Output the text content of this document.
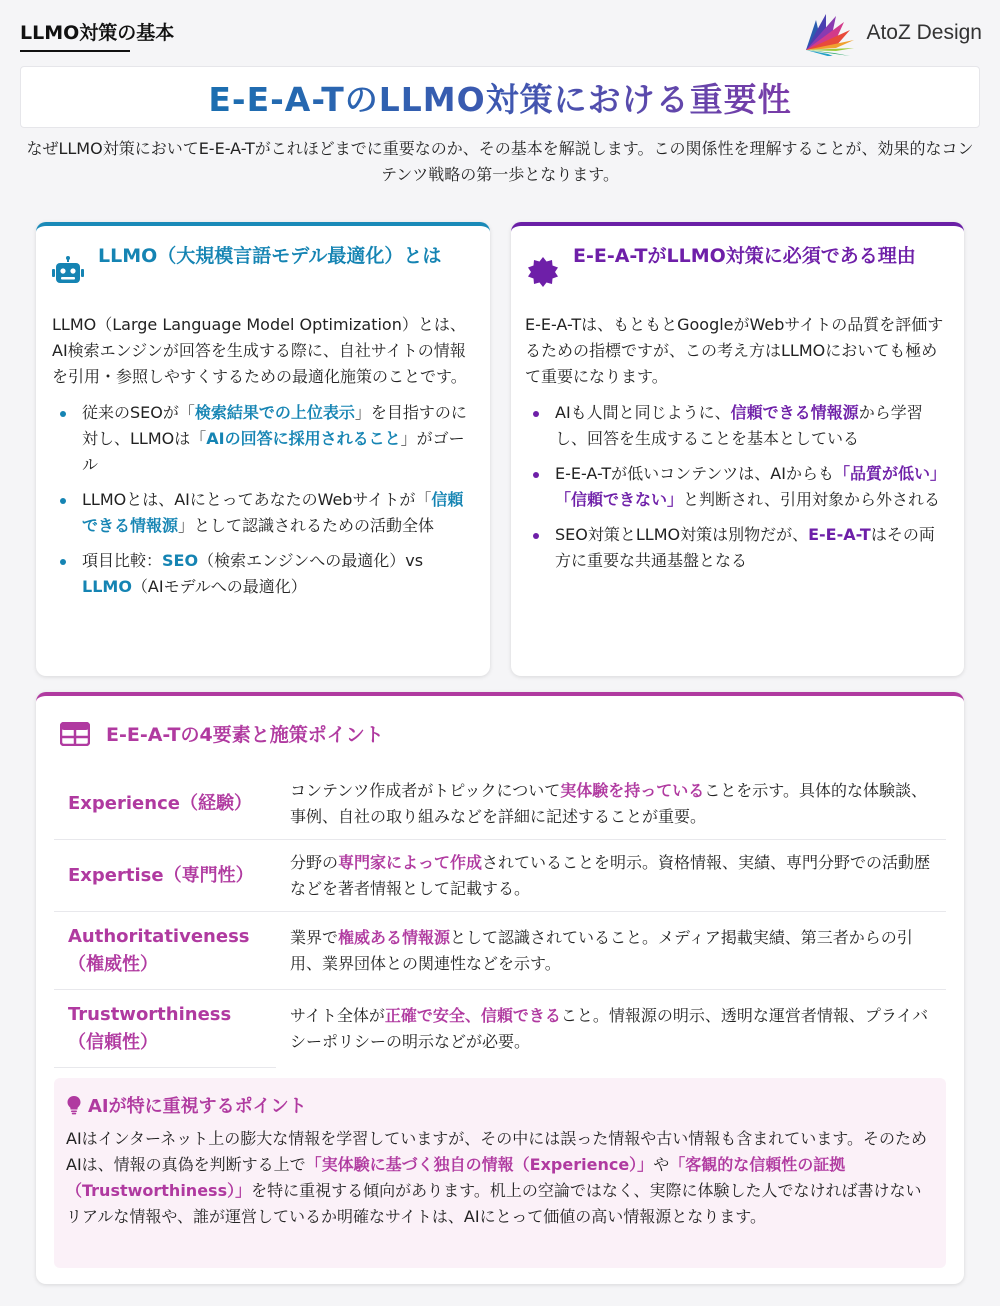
LLMO対策の基本	AtoZ Design
E-E-A-TのLLMO対策における重要性

なぜLLMO対策においてE-E-A-Tがこれほどまでに重要なのか、その基本を解説します。この関係性を理解することが、効果的なコンテンツ戦略の第一歩となります。

LLMO（大規模言語モデル最適化）とは

LLMO（Large Language Model Optimization）とは、AI検索エンジンが回答を生成する際に、自社サイトの情報を引用・参照しやすくするための最適化施策のことです。

従来のSEOが「検索結果での上位表示」を目指すのに対し、LLMOは「AIの回答に採用されること」がゴール
LLMOとは、AIにとってあなたのWebサイトが「信頼できる情報源」として認識されるための活動全体
項目比較：SEO（検索エンジンへの最適化）vs LLMO（AIモデルへの最適化）
E-E-A-TがLLMO対策に必須である理由

E-E-A-Tは、もともとGoogleがWebサイトの品質を評価するための指標ですが、この考え方はLLMOにおいても極めて重要になります。

AIも人間と同じように、信頼できる情報源から学習し、回答を生成することを基本としている
E-E-A-Tが低いコンテンツは、AIからも「品質が低い」「信頼できない」と判断され、引用対象から外される
SEO対策とLLMO対策は別物だが、E-E-A-Tはその両方に重要な共通基盤となる
E-E-A-Tの4要素と施策ポイント
Experience（経験）
コンテンツ作成者がトピックについて実体験を持っていることを示す。具体的な体験談、事例、自社の取り組みなどを詳細に記述することが重要。
Expertise（専門性）
分野の専門家によって作成されていることを明示。資格情報、実績、専門分野での活動歴などを著者情報として記載する。
Authoritativeness（権威性）
業界で権威ある情報源として認識されていること。メディア掲載実績、第三者からの引用、業界団体との関連性などを示す。
Trustworthiness（信頼性）
サイト全体が正確で安全、信頼できること。情報源の明示、透明な運営者情報、プライバシーポリシーの明示などが必要。
AIが特に重視するポイント

AIはインターネット上の膨大な情報を学習していますが、その中には誤った情報や古い情報も含まれています。そのためAIは、情報の真偽を判断する上で「実体験に基づく独自の情報（Experience）」や「客観的な信頼性の証拠（Trustworthiness）」を特に重視する傾向があります。机上の空論ではなく、実際に体験した人でなければ書けないリアルな情報や、誰が運営しているか明確なサイトは、AIにとって価値の高い情報源となります。
